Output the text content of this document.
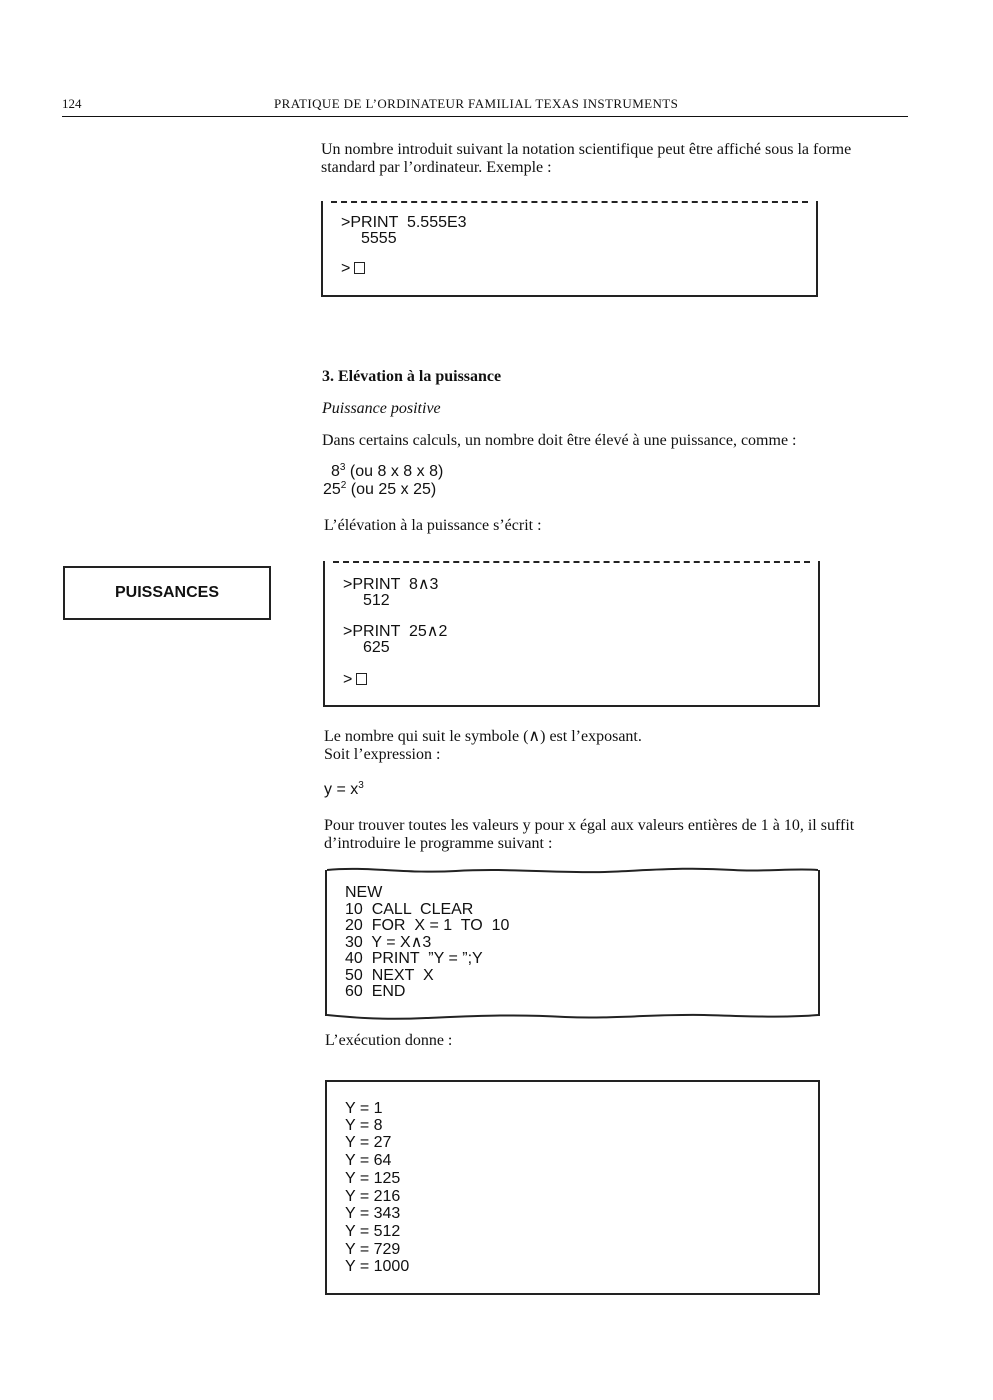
124	PRATIQUE DE L’ORDINATEUR FAMILIAL TEXAS INSTRUMENTS

Un nombre introduit suivant la notation scientifique peut être affiché sous la forme

standard par l’ordinateur. Exemple :

>PRINT  5.555E3
5555
>

3. Elévation à la puissance

Puissance positive

Dans certains calculs, un nombre doit être élevé à une puissance, comme :

$8^3$ (ou 8 x 8 x 8)
$25^2$ (ou 25 x 25)

L’élévation à la puissance s’écrit :

PUISSANCES	>PRINT  8∧3
512
>PRINT  25∧2
625
>

Le nombre qui suit le symbole (∧) est l’exposant.

Soit l’expression :

$y = x^3$

Pour trouver toutes les valeurs y pour x égal aux valeurs entières de 1 à 10, il suffit

d’introduire le programme suivant :

NEW
10  CALL  CLEAR
20  FOR  X = 1  TO  10
30  Y = X∧3
40  PRINT  ”Y = ”;Y
50  NEXT  X
60  END

L’exécution donne :

Y = 1
Y = 8
Y = 27
Y = 64
Y = 125
Y = 216
Y = 343
Y = 512
Y = 729
Y = 1000
